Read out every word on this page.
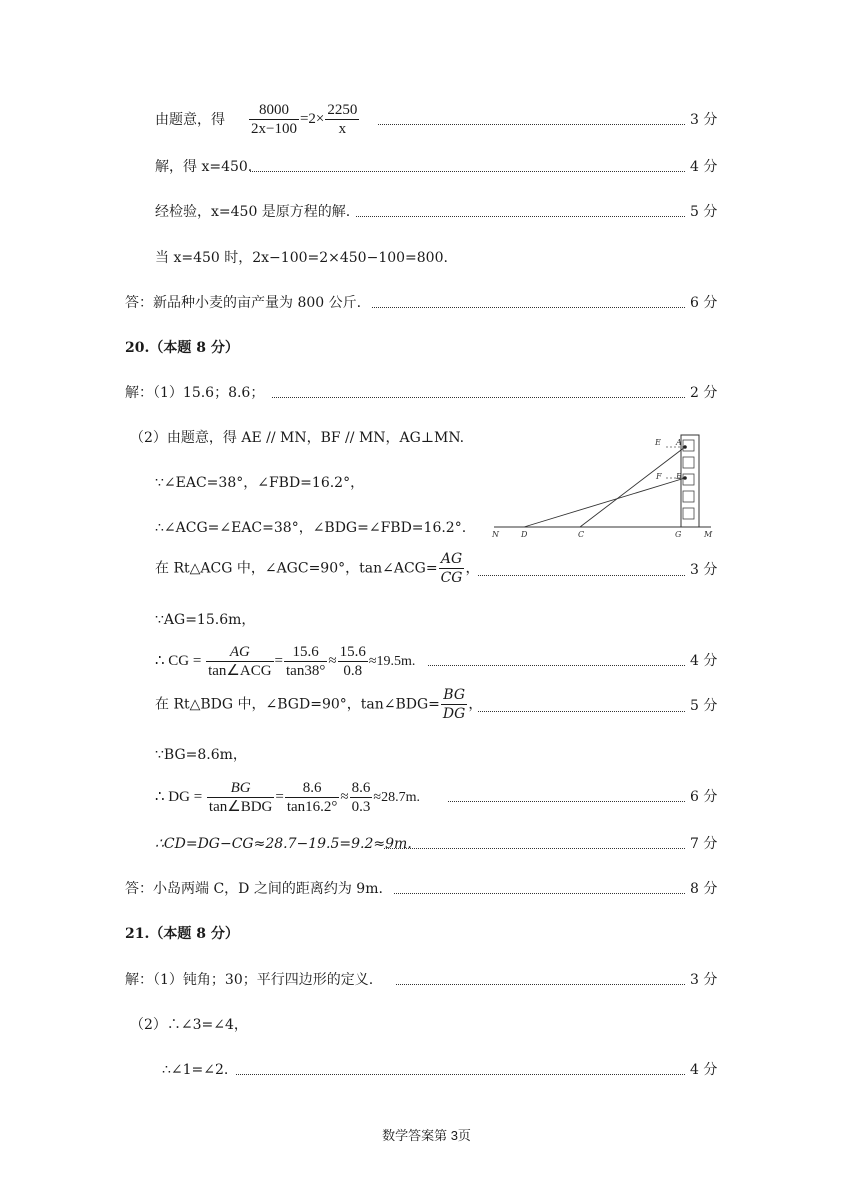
由题意，得 $\frac{8000}{2x-100} =2\times \frac{2250}{x}$	3 分
解，得 x=450.	4 分
经检验，x=450 是原方程的解.	5 分
当 x=450 时，2x−100=2×450−100=800.
答：新品种小麦的亩产量为 800 公斤.	6 分
20.（本题 8 分）
解：（1）15.6；8.6；	2 分
（2）由题意，得 AE // MN，BF // MN，AG⊥MN.
∵∠EAC=38°，∠FBD=16.2°，
∴∠ACG=∠EAC=38°，∠BDG=∠FBD=16.2°.
在 Rt△ACG 中，∠AGC=90°，tan∠ACG= $\frac{AG}{CG}$ ，	3 分
∵AG=15.6m，
∴ CG = $\frac{AG}{\text{tan∠ACG}} = \frac{15.6}{\tan 38^\circ} \approx \frac{15.6}{0.8} \approx 19.5m$.	4 分
在 Rt△BDG 中，∠BGD=90°，tan∠BDG= $\frac{BG}{DG}$ ，	5 分
∵BG=8.6m，
∴ DG = $\frac{BG}{\text{tan∠BDG}} = \frac{8.6}{\tan 16.2^\circ} \approx \frac{8.6}{0.3} \approx 28.7m$.	6 分
∴CD=DG−CG≈28.7−19.5=9.2≈9m.	7 分
答：小岛两端 C，D 之间的距离约为 9m.	8 分
21.（本题 8 分）
解：（1）钝角；30；平行四边形的定义.	3 分
（2）∴∠3=∠4，
∴∠1=∠2.	4 分
E A
F B
N	D	C	G	M
数学答案第 3页
